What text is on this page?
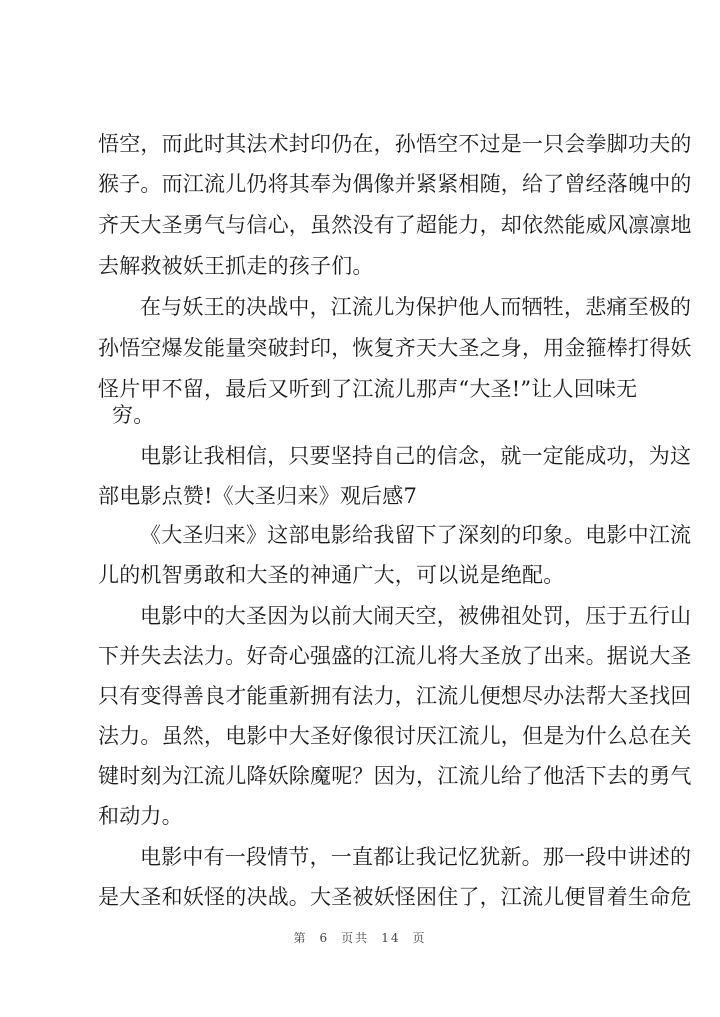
悟空，而此时其法术封印仍在，孙悟空不过是一只会拳脚功夫的
猴子。而江流儿仍将其奉为偶像并紧紧相随，给了曾经落魄中的
齐天大圣勇气与信心，虽然没有了超能力，却依然能威风凛凛地
去解救被妖王抓走的孩子们。
在与妖王的决战中，江流儿为保护他人而牺牲，悲痛至极的
孙悟空爆发能量突破封印，恢复齐天大圣之身，用金箍棒打得妖
怪片甲不留，最后又听到了江流儿那声“大圣!”让人回味无
穷。
电影让我相信，只要坚持自己的信念，就一定能成功，为这
部电影点赞!《大圣归来》观后感7
《大圣归来》这部电影给我留下了深刻的印象。电影中江流
儿的机智勇敢和大圣的神通广大，可以说是绝配。
电影中的大圣因为以前大闹天空，被佛祖处罚，压于五行山
下并失去法力。好奇心强盛的江流儿将大圣放了出来。据说大圣
只有变得善良才能重新拥有法力，江流儿便想尽办法帮大圣找回
法力。虽然，电影中大圣好像很讨厌江流儿，但是为什么总在关
键时刻为江流儿降妖除魔呢？因为，江流儿给了他活下去的勇气
和动力。
电影中有一段情节，一直都让我记忆犹新。那一段中讲述的
是大圣和妖怪的决战。大圣被妖怪困住了，江流儿便冒着生命危
第 6 页共 14 页
